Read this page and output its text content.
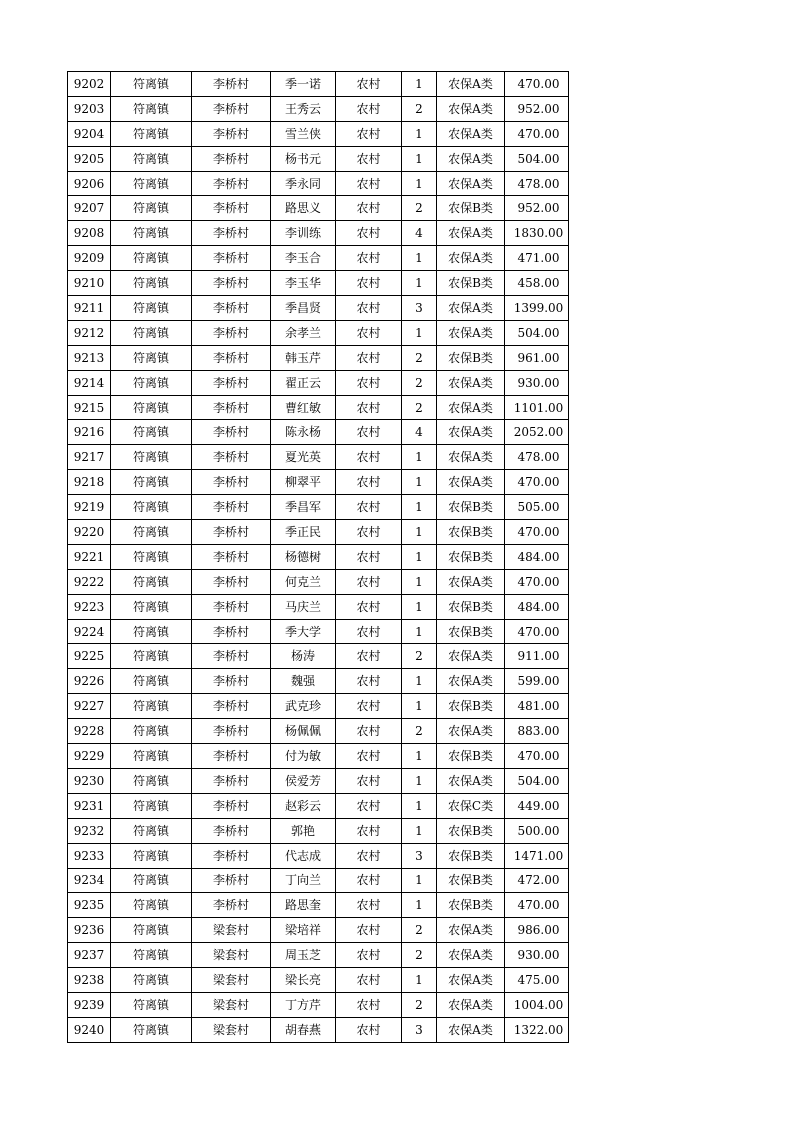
9202	符离镇	李桥村	季一诺	农村	1	农保A类	470.00
9203	符离镇	李桥村	王秀云	农村	2	农保A类	952.00
9204	符离镇	李桥村	雪兰侠	农村	1	农保A类	470.00
9205	符离镇	李桥村	杨书元	农村	1	农保A类	504.00
9206	符离镇	李桥村	季永同	农村	1	农保A类	478.00
9207	符离镇	李桥村	路思义	农村	2	农保B类	952.00
9208	符离镇	李桥村	李训练	农村	4	农保A类	1830.00
9209	符离镇	李桥村	李玉合	农村	1	农保A类	471.00
9210	符离镇	李桥村	李玉华	农村	1	农保B类	458.00
9211	符离镇	李桥村	季昌贤	农村	3	农保A类	1399.00
9212	符离镇	李桥村	余孝兰	农村	1	农保A类	504.00
9213	符离镇	李桥村	韩玉芹	农村	2	农保B类	961.00
9214	符离镇	李桥村	翟正云	农村	2	农保A类	930.00
9215	符离镇	李桥村	曹红敏	农村	2	农保A类	1101.00
9216	符离镇	李桥村	陈永杨	农村	4	农保A类	2052.00
9217	符离镇	李桥村	夏光英	农村	1	农保A类	478.00
9218	符离镇	李桥村	柳翠平	农村	1	农保A类	470.00
9219	符离镇	李桥村	季昌军	农村	1	农保B类	505.00
9220	符离镇	李桥村	季正民	农村	1	农保B类	470.00
9221	符离镇	李桥村	杨德树	农村	1	农保B类	484.00
9222	符离镇	李桥村	何克兰	农村	1	农保A类	470.00
9223	符离镇	李桥村	马庆兰	农村	1	农保B类	484.00
9224	符离镇	李桥村	季大学	农村	1	农保B类	470.00
9225	符离镇	李桥村	杨涛	农村	2	农保A类	911.00
9226	符离镇	李桥村	魏强	农村	1	农保A类	599.00
9227	符离镇	李桥村	武克珍	农村	1	农保B类	481.00
9228	符离镇	李桥村	杨佩佩	农村	2	农保A类	883.00
9229	符离镇	李桥村	付为敏	农村	1	农保B类	470.00
9230	符离镇	李桥村	侯爱芳	农村	1	农保A类	504.00
9231	符离镇	李桥村	赵彩云	农村	1	农保C类	449.00
9232	符离镇	李桥村	郭艳	农村	1	农保B类	500.00
9233	符离镇	李桥村	代志成	农村	3	农保B类	1471.00
9234	符离镇	李桥村	丁向兰	农村	1	农保B类	472.00
9235	符离镇	李桥村	路思奎	农村	1	农保B类	470.00
9236	符离镇	梁套村	梁培祥	农村	2	农保A类	986.00
9237	符离镇	梁套村	周玉芝	农村	2	农保A类	930.00
9238	符离镇	梁套村	梁长亮	农村	1	农保A类	475.00
9239	符离镇	梁套村	丁方芹	农村	2	农保A类	1004.00
9240	符离镇	梁套村	胡春燕	农村	3	农保A类	1322.00
